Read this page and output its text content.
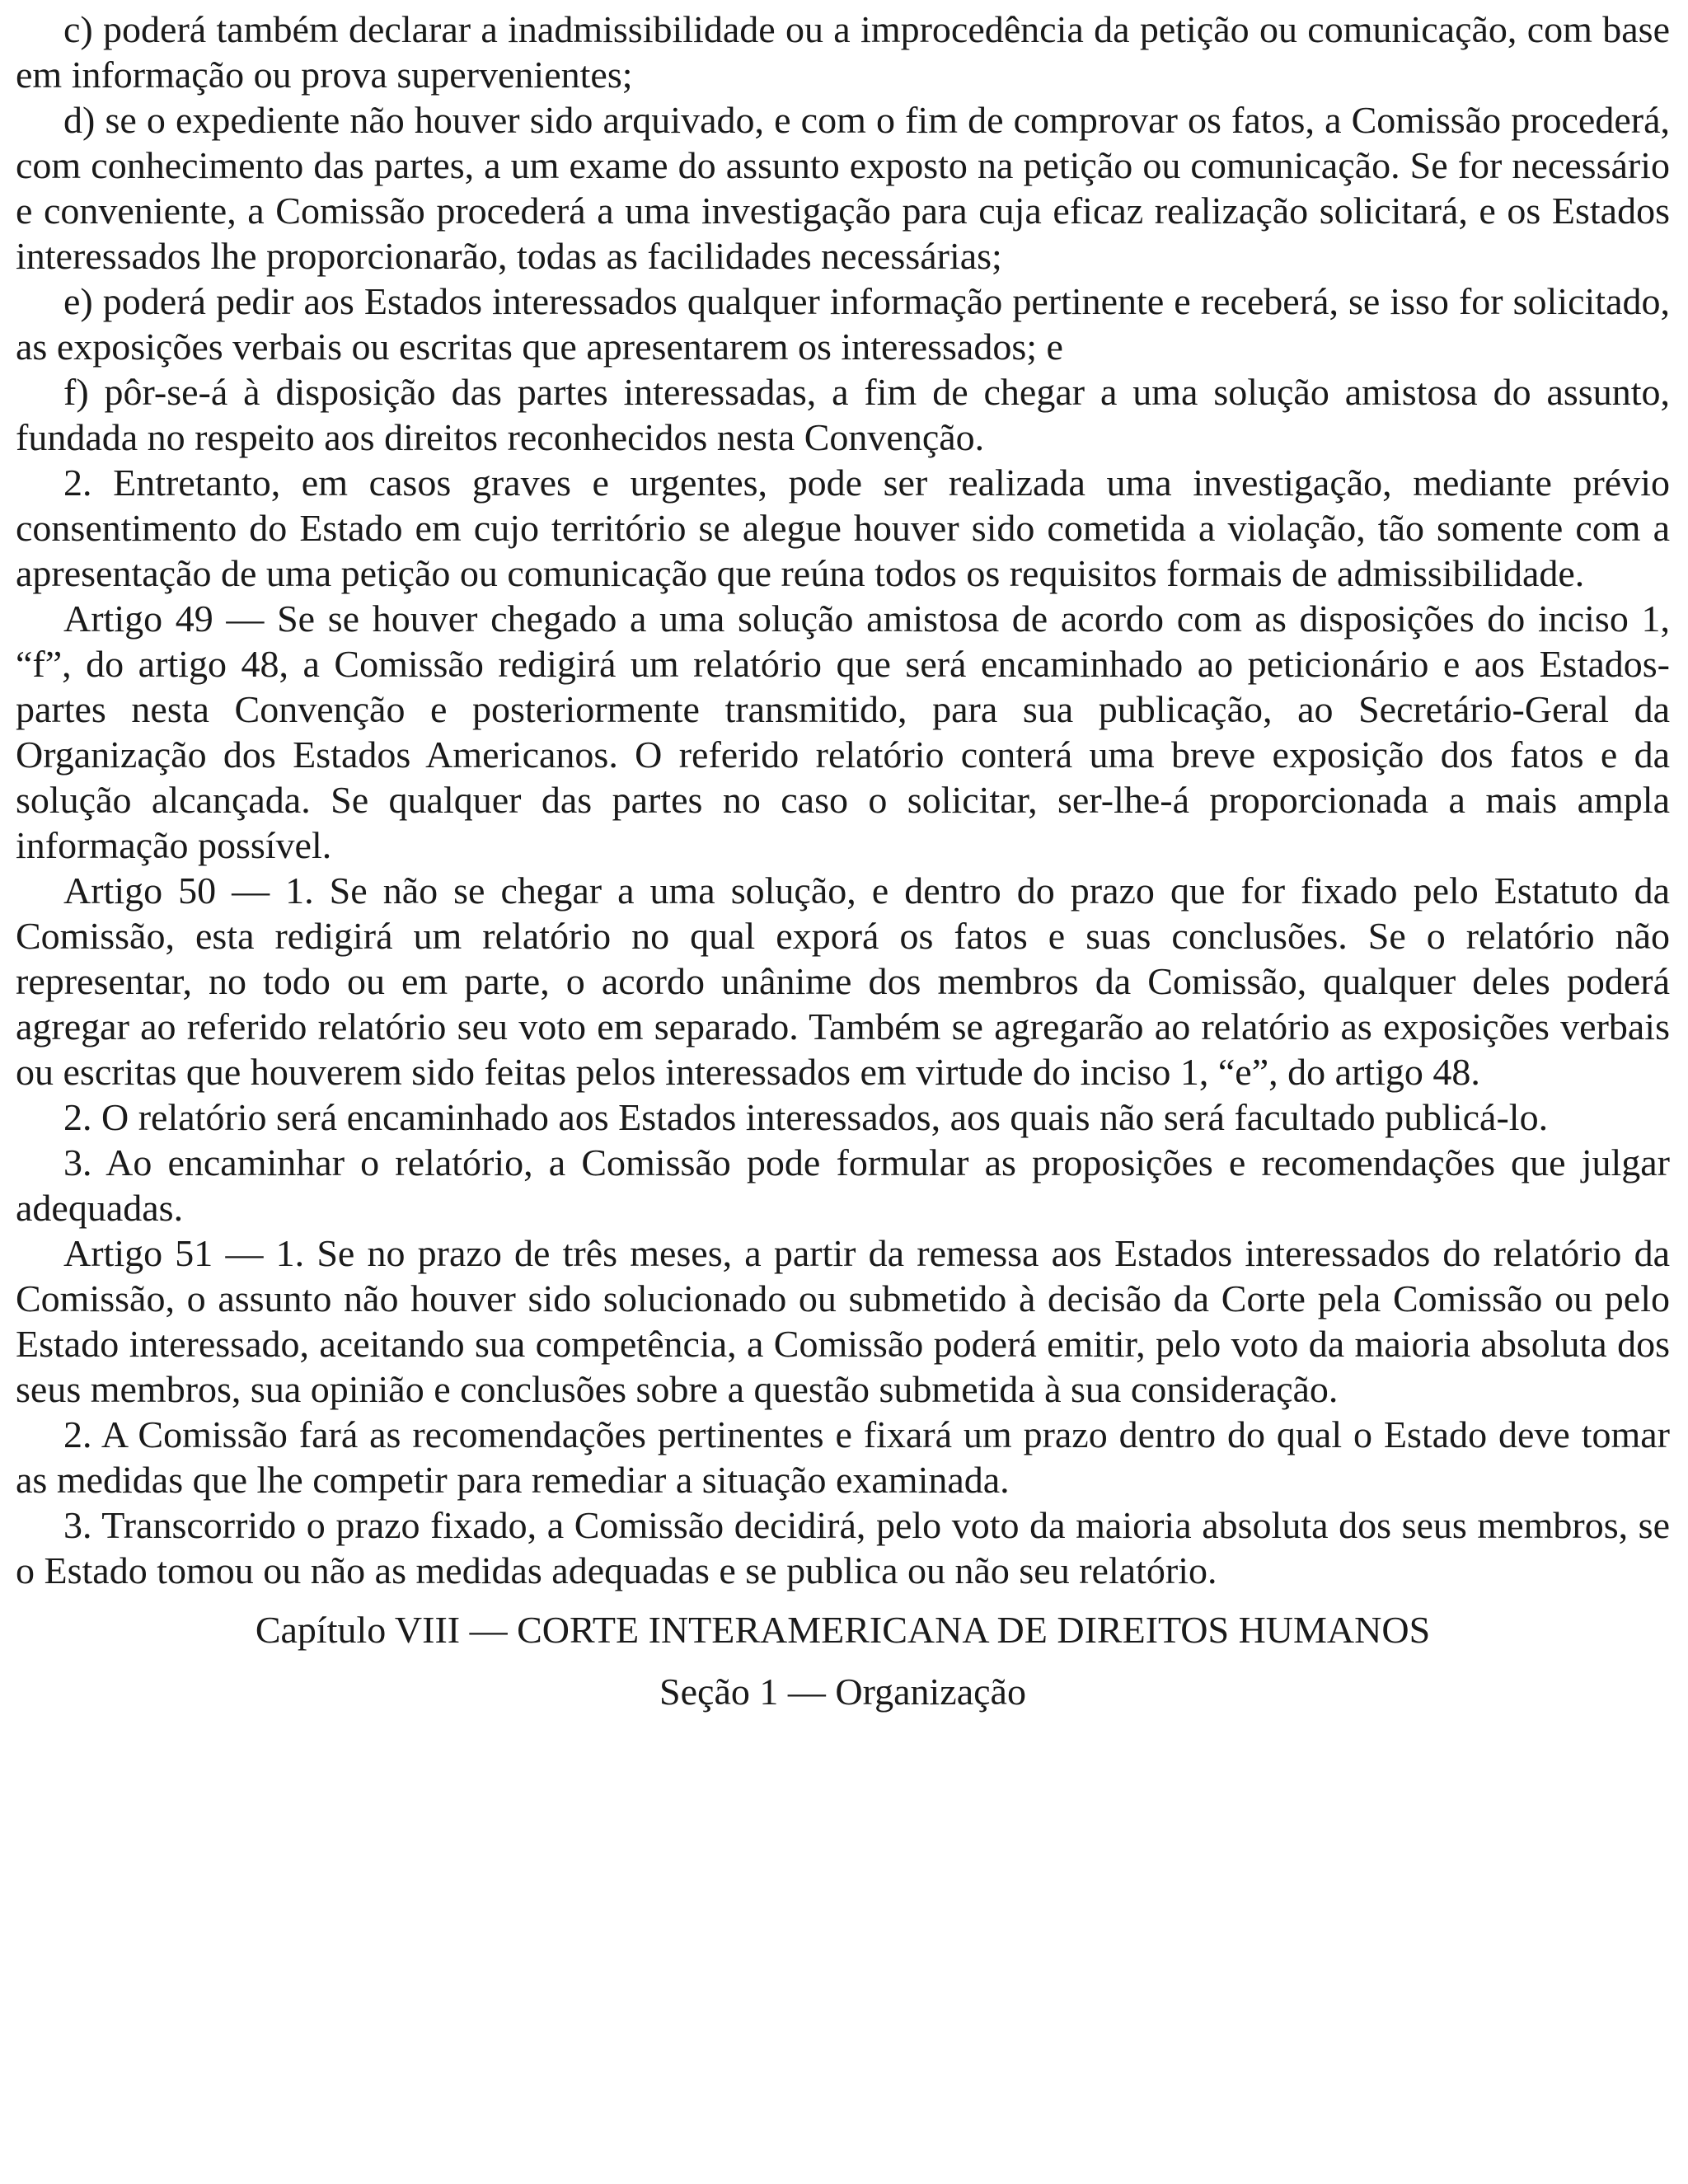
c) poderá também declarar a inadmissibilidade ou a improcedência da petição ou comunicação, com base em informação ou prova supervenientes;

d) se o expediente não houver sido arquivado, e com o fim de comprovar os fatos, a Comissão procederá, com conhecimento das partes, a um exame do assunto exposto na petição ou comunicação. Se for necessário e conveniente, a Comissão procederá a uma investigação para cuja eficaz realização solicitará, e os Estados interessados lhe proporcionarão, todas as facilidades necessárias;

e) poderá pedir aos Estados interessados qualquer informação pertinente e receberá, se isso for solicitado, as exposições verbais ou escritas que apresentarem os interessados; e

f) pôr-se-á à disposição das partes interessadas, a fim de chegar a uma solução amistosa do assunto, fundada no respeito aos direitos reconhecidos nesta Convenção.

2. Entretanto, em casos graves e urgentes, pode ser realizada uma investigação, mediante prévio consentimento do Estado em cujo território se alegue houver sido cometida a violação, tão somente com a apresentação de uma petição ou comunicação que reúna todos os requisitos formais de admissibilidade.

Artigo 49 — Se se houver chegado a uma solução amistosa de acordo com as disposições do inciso 1, “f”, do artigo 48, a Comissão redigirá um relatório que será encaminhado ao peticionário e aos Estados-partes nesta Convenção e posteriormente transmitido, para sua publicação, ao Secretário-Geral da Organização dos Estados Americanos. O referido relatório conterá uma breve exposição dos fatos e da solução alcançada. Se qualquer das partes no caso o solicitar, ser-lhe-á proporcionada a mais ampla informação possível.

Artigo 50 — 1. Se não se chegar a uma solução, e dentro do prazo que for fixado pelo Estatuto da Comissão, esta redigirá um relatório no qual exporá os fatos e suas conclusões. Se o relatório não representar, no todo ou em parte, o acordo unânime dos membros da Comissão, qualquer deles poderá agregar ao referido relatório seu voto em separado. Também se agregarão ao relatório as exposições verbais ou escritas que houverem sido feitas pelos interessados em virtude do inciso 1, “e”, do artigo 48.

2. O relatório será encaminhado aos Estados interessados, aos quais não será facultado publicá-lo.

3. Ao encaminhar o relatório, a Comissão pode formular as proposições e recomendações que julgar adequadas.

Artigo 51 — 1. Se no prazo de três meses, a partir da remessa aos Estados interessados do relatório da Comissão, o assunto não houver sido solucionado ou submetido à decisão da Corte pela Comissão ou pelo Estado interessado, aceitando sua competência, a Comissão poderá emitir, pelo voto da maioria absoluta dos seus membros, sua opinião e conclusões sobre a questão submetida à sua consideração.

2. A Comissão fará as recomendações pertinentes e fixará um prazo dentro do qual o Estado deve tomar as medidas que lhe competir para remediar a situação examinada.

3. Transcorrido o prazo fixado, a Comissão decidirá, pelo voto da maioria absoluta dos seus membros, se o Estado tomou ou não as medidas adequadas e se publica ou não seu relatório.

Capítulo VIII — CORTE INTERAMERICANA DE DIREITOS HUMANOS

Seção 1 — Organização
